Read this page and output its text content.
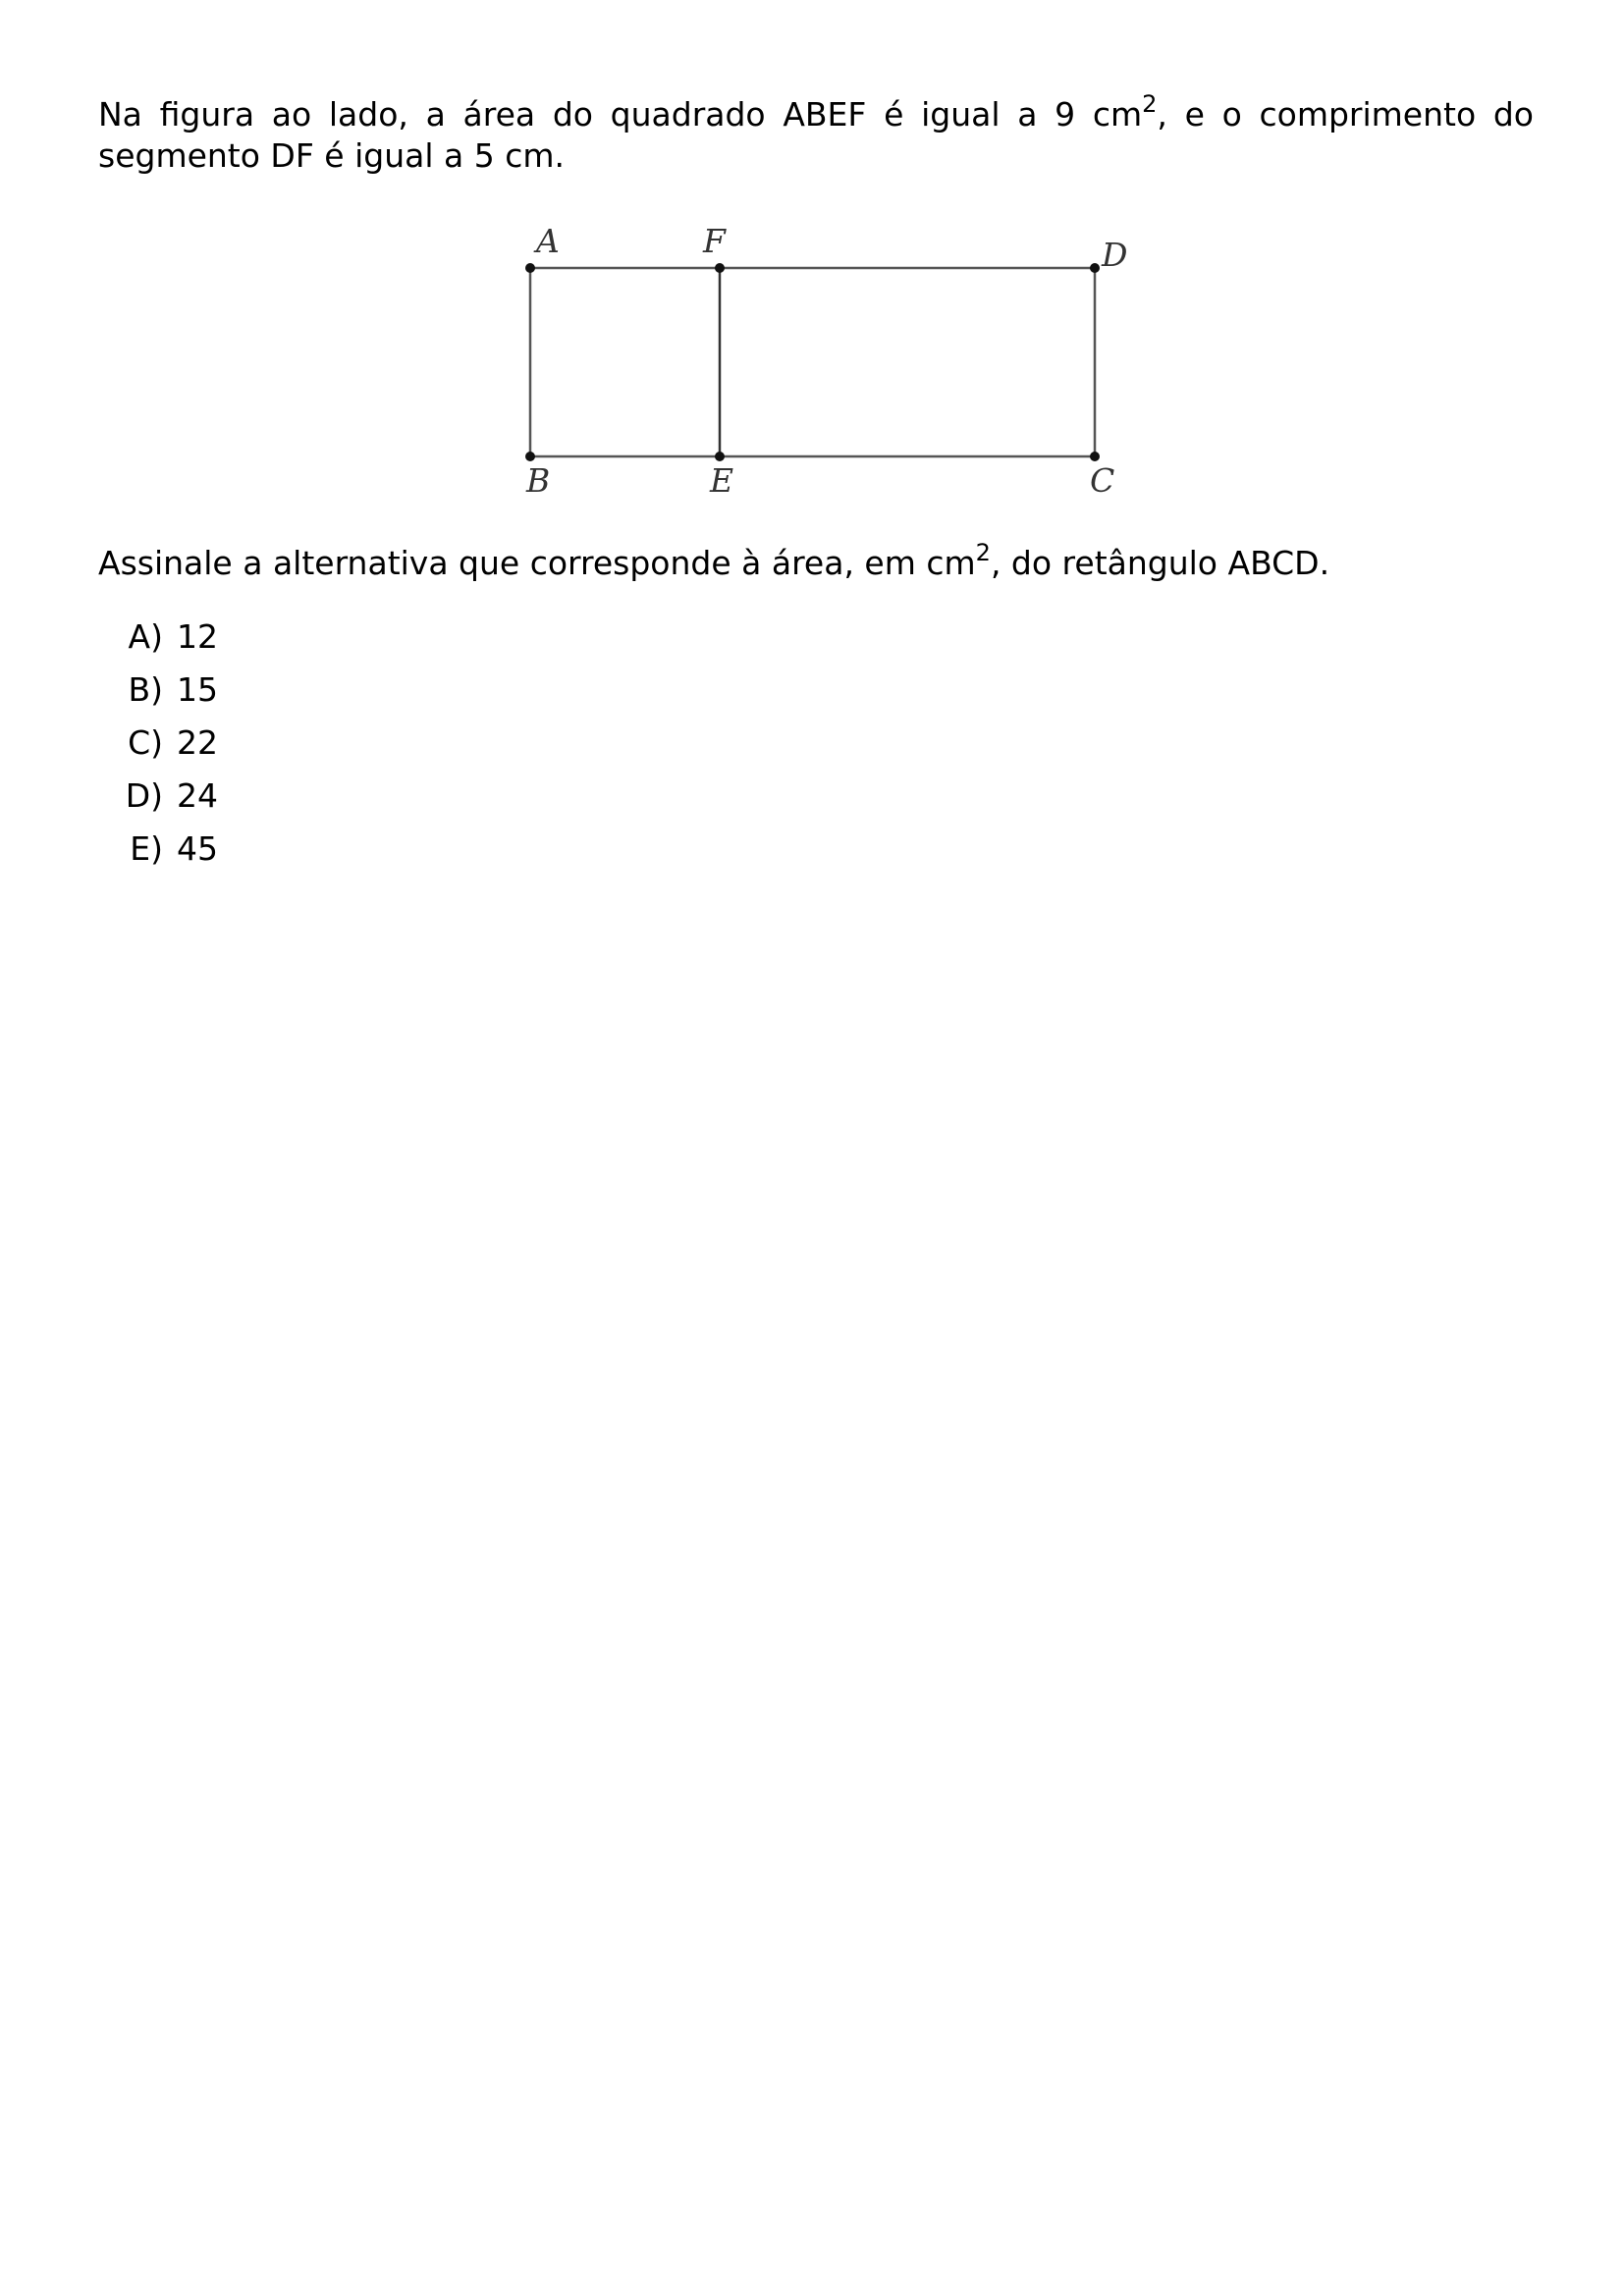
Na figura ao lado, a área do quadrado ABEF é igual a 9 $cm^2$, e o comprimento do segmento DF é igual a 5 cm.

A	F	D
B	E	C

Assinale a alternativa que corresponde à área, em $cm^2$, do retângulo ABCD.

A) 12
B) 15
C) 22
D) 24
E) 45
